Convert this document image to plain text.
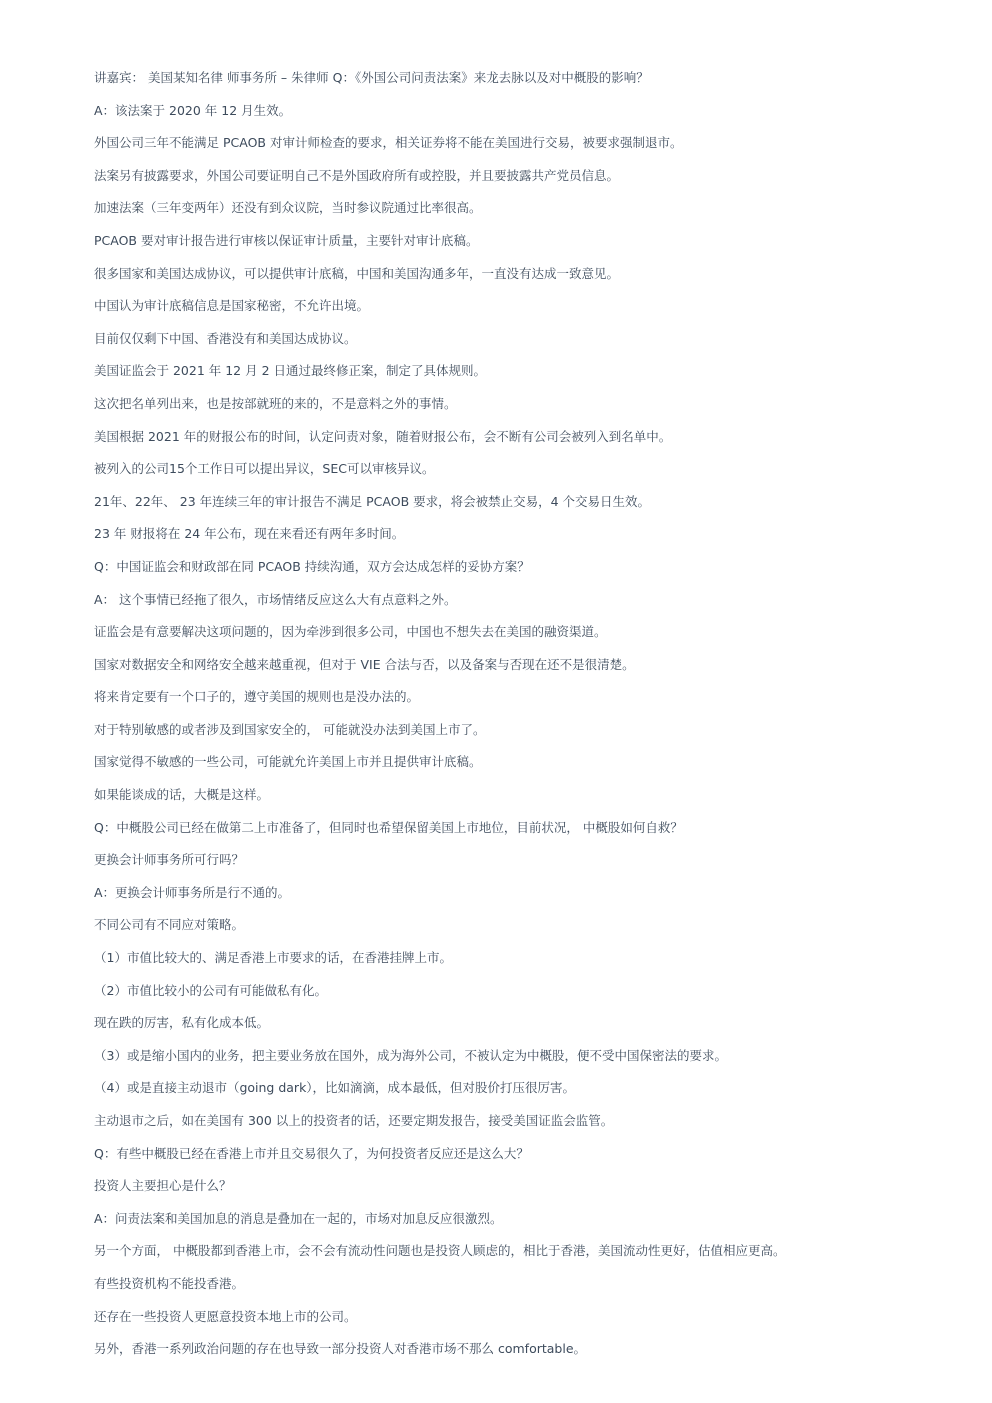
讲嘉宾： 美国某知名律 师事务所 – 朱律师 Q：《外国公司问责法案》来龙去脉以及对中概股的影响？
A：该法案于 2020 年 12 月生效。
外国公司三年不能满足 PCAOB 对审计师检查的要求，相关证券将不能在美国进行交易，被要求强制退市。
法案另有披露要求，外国公司要证明自己不是外国政府所有或控股，并且要披露共产党员信息。
加速法案（三年变两年）还没有到众议院，当时参议院通过比率很高。
PCAOB 要对审计报告进行审核以保证审计质量，主要针对审计底稿。
很多国家和美国达成协议，可以提供审计底稿，中国和美国沟通多年，一直没有达成一致意见。
中国认为审计底稿信息是国家秘密，不允许出境。
目前仅仅剩下中国、香港没有和美国达成协议。
美国证监会于 2021 年 12 月 2 日通过最终修正案，制定了具体规则。
这次把名单列出来，也是按部就班的来的，不是意料之外的事情。
美国根据 2021 年的财报公布的时间，认定问责对象，随着财报公布，会不断有公司会被列入到名单中。
被列入的公司15个工作日可以提出异议，SEC可以审核异议。
21年、22年、 23 年连续三年的审计报告不满足 PCAOB 要求，将会被禁止交易，4 个交易日生效。
23 年 财报将在 24 年公布，现在来看还有两年多时间。
Q：中国证监会和财政部在同 PCAOB 持续沟通，双方会达成怎样的妥协方案？
A： 这个事情已经拖了很久，市场情绪反应这么大有点意料之外。
证监会是有意要解决这项问题的，因为牵涉到很多公司，中国也不想失去在美国的融资渠道。
国家对数据安全和网络安全越来越重视，但对于 VIE 合法与否，以及备案与否现在还不是很清楚。
将来肯定要有一个口子的，遵守美国的规则也是没办法的。
对于特别敏感的或者涉及到国家安全的， 可能就没办法到美国上市了。
国家觉得不敏感的一些公司，可能就允许美国上市并且提供审计底稿。
如果能谈成的话，大概是这样。
Q：中概股公司已经在做第二上市准备了，但同时也希望保留美国上市地位，目前状况， 中概股如何自救？
更换会计师事务所可行吗？
A：更换会计师事务所是行不通的。
不同公司有不同应对策略。
（1）市值比较大的、满足香港上市要求的话，在香港挂牌上市。
（2）市值比较小的公司有可能做私有化。
现在跌的厉害，私有化成本低。
（3）或是缩小国内的业务，把主要业务放在国外，成为海外公司，不被认定为中概股，便不受中国保密法的要求。
（4）或是直接主动退市（going dark），比如滴滴，成本最低，但对股价打压很厉害。
主动退市之后，如在美国有 300 以上的投资者的话，还要定期发报告，接受美国证监会监管。
Q：有些中概股已经在香港上市并且交易很久了，为何投资者反应还是这么大？
投资人主要担心是什么？
A：问责法案和美国加息的消息是叠加在一起的，市场对加息反应很激烈。
另一个方面， 中概股都到香港上市，会不会有流动性问题也是投资人顾虑的，相比于香港，美国流动性更好，估值相应更高。
有些投资机构不能投香港。
还存在一些投资人更愿意投资本地上市的公司。
另外，香港一系列政治问题的存在也导致一部分投资人对香港市场不那么 comfortable。
